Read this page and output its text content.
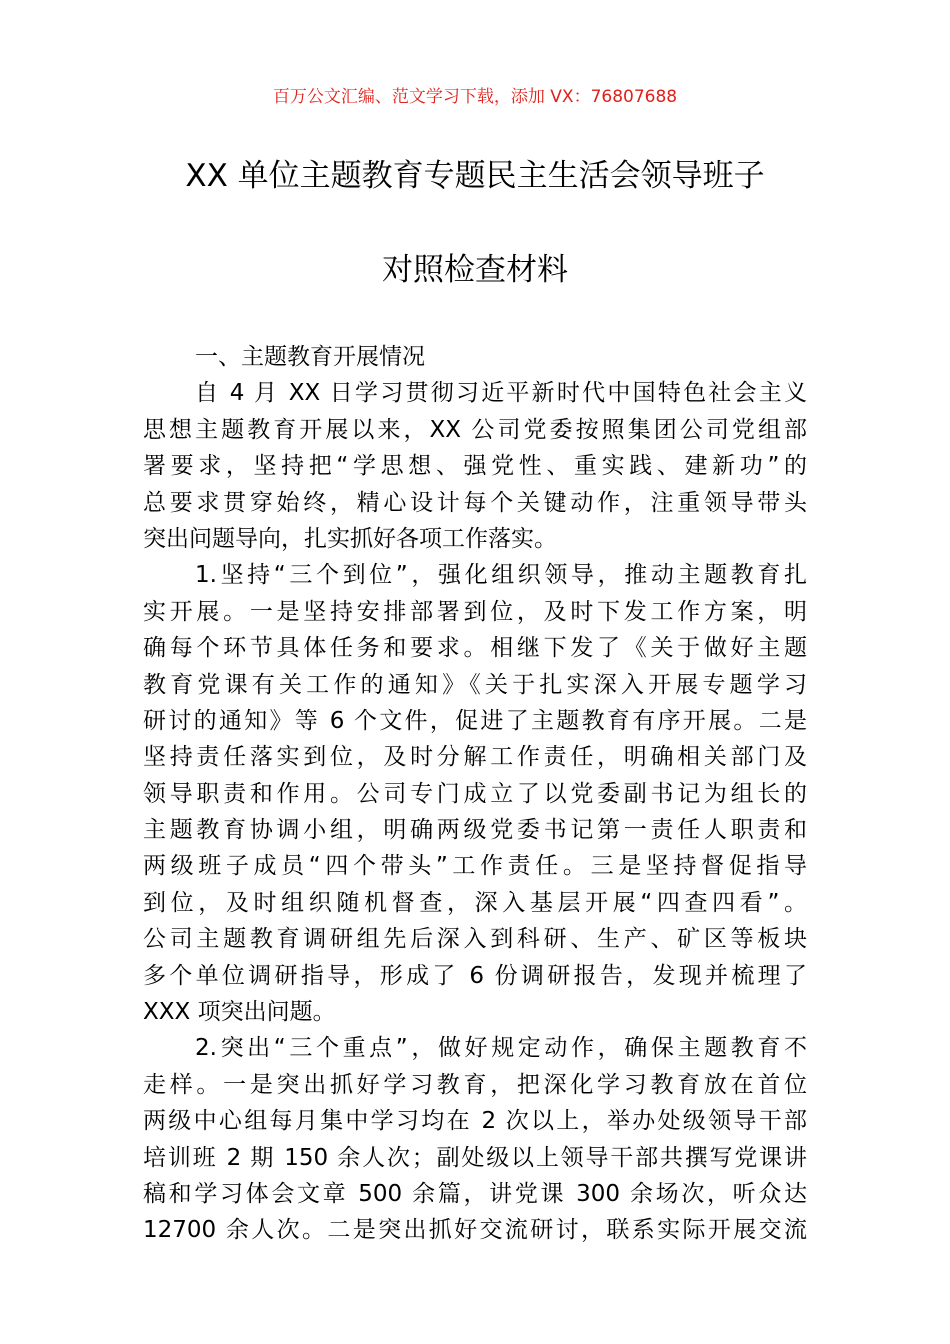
百万公文汇编、范文学习下载，添加 VX：76807688
XX 单位主题教育专题民主生活会领导班子
对照检查材料
一、主题教育开展情况
自 4 月 XX 日学习贯彻习近平新时代中国特色社会主义
思想主题教育开展以来，XX 公司党委按照集团公司党组部
署要求，坚持把“学思想、强党性、重实践、建新功”的
总要求贯穿始终，精心设计每个关键动作，注重领导带头
突出问题导向，扎实抓好各项工作落实。
1.坚持“三个到位”，强化组织领导，推动主题教育扎
实开展。一是坚持安排部署到位，及时下发工作方案，明
确每个环节具体任务和要求。相继下发了《关于做好主题
教育党课有关工作的通知》《关于扎实深入开展专题学习
研讨的通知》等 6 个文件，促进了主题教育有序开展。二是
坚持责任落实到位，及时分解工作责任，明确相关部门及
领导职责和作用。公司专门成立了以党委副书记为组长的
主题教育协调小组，明确两级党委书记第一责任人职责和
两级班子成员“四个带头”工作责任。三是坚持督促指导
到位，及时组织随机督查，深入基层开展“四查四看”。
公司主题教育调研组先后深入到科研、生产、矿区等板块
多个单位调研指导，形成了 6 份调研报告，发现并梳理了
XXX 项突出问题。
2.突出“三个重点”，做好规定动作，确保主题教育不
走样。一是突出抓好学习教育，把深化学习教育放在首位
两级中心组每月集中学习均在 2 次以上，举办处级领导干部
培训班 2 期 150 余人次；副处级以上领导干部共撰写党课讲
稿和学习体会文章 500 余篇，讲党课 300 余场次，听众达
12700 余人次。二是突出抓好交流研讨，联系实际开展交流
